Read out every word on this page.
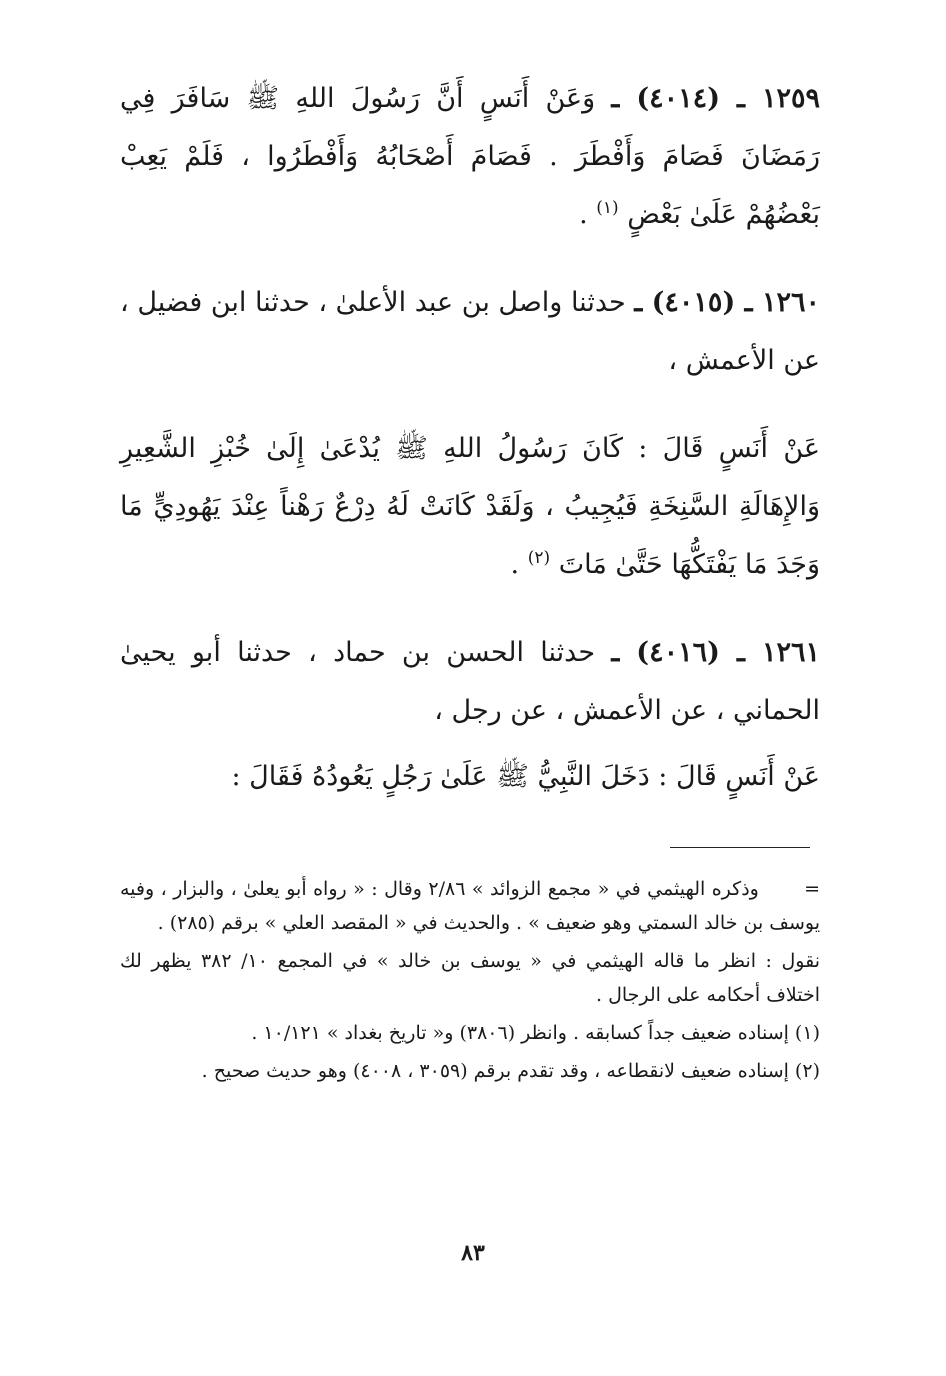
١٢٥٩ ـ (٤٠١٤) ـ وَعَنْ أَنَسٍ أَنَّ رَسُولَ اللهِ ﷺ سَافَرَ فِي رَمَضَانَ فَصَامَ وَأَفْطَرَ . فَصَامَ أَصْحَابُهُ وَأَفْطَرُوا ، فَلَمْ يَعِبْ بَعْضُهُمْ عَلَىٰ بَعْضٍ $^{(١)}$ .

١٢٦٠ ـ (٤٠١٥) ـ حدثنا واصل بن عبد الأعلىٰ ، حدثنا ابن فضيل ، عن الأعمش ،

عَنْ أَنَسٍ قَالَ : كَانَ رَسُولُ اللهِ ﷺ يُدْعَىٰ إِلَىٰ خُبْزِ الشَّعِيرِ وَالإِهَالَةِ السَّنِخَةِ فَيُجِيبُ ، وَلَقَدْ كَانَتْ لَهُ دِرْعٌ رَهْناً عِنْدَ يَهُودِيٍّ مَا وَجَدَ مَا يَفْتَكُّهَا حَتَّىٰ مَاتَ $^{(٢)}$ .

١٢٦١ ـ (٤٠١٦) ـ حدثنا الحسن بن حماد ، حدثنا أبو يحيىٰ الحماني ، عن الأعمش ، عن رجل ،

عَنْ أَنَسٍ قَالَ : دَخَلَ النَّبِيُّ ﷺ عَلَىٰ رَجُلٍ يَعُودُهُ فَقَالَ :

=       وذكره الهيثمي في « مجمع الزوائد » ٢/٨٦ وقال : « رواه أبو يعلىٰ ، والبزار ، وفيه يوسف بن خالد السمتي وهو ضعيف » . والحديث في « المقصد العلي » برقم (٢٨٥) .

نقول : انظر ما قاله الهيثمي في « يوسف بن خالد » في المجمع ١٠/ ٣٨٢ يظهر لك اختلاف أحكامه على الرجال .

(١) إسناده ضعيف جداً كسابقه . وانظر (٣٨٠٦) و« تاريخ بغداد » ١٠/١٢١ .

(٢) إسناده ضعيف لانقطاعه ، وقد تقدم برقم (٣٠٥٩ ، ٤٠٠٨) وهو حديث صحيح .

٨٣
